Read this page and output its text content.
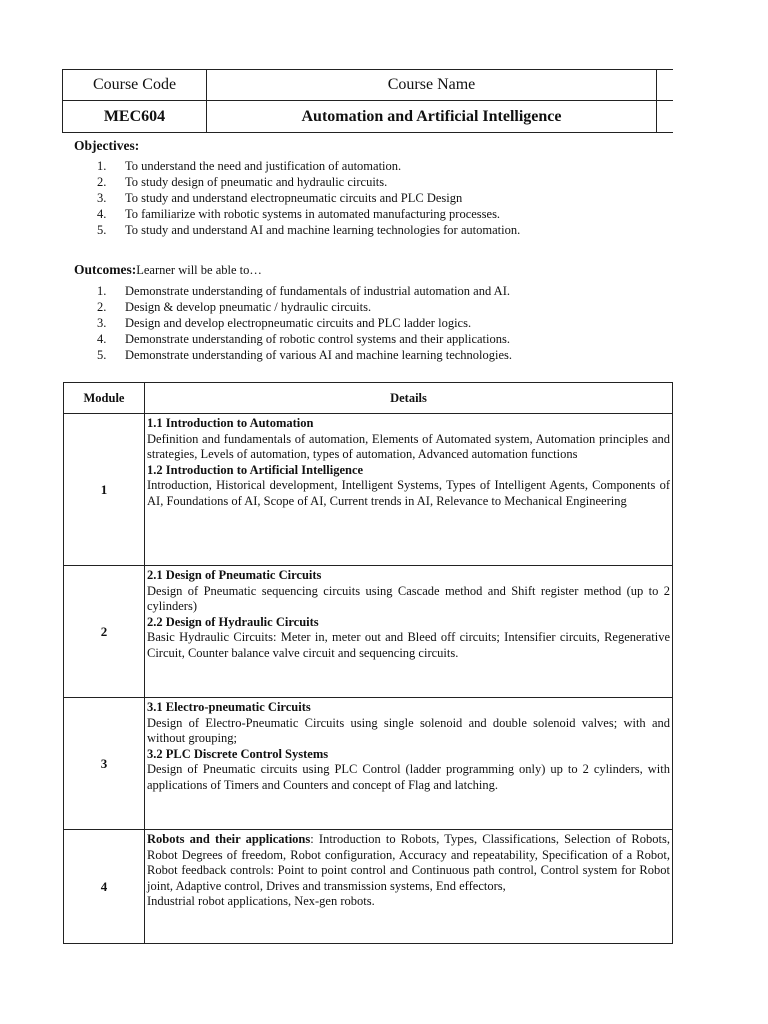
Course Code	Course Name	
MEC604	Automation and Artificial Intelligence	
Objectives:
1.	To understand the need and justification of automation.
2.	To study design of pneumatic and hydraulic circuits.
3.	To study and understand electropneumatic circuits and PLC Design
4.	To familiarize with robotic systems in automated manufacturing processes.
5.	To study and understand AI and machine learning technologies for automation.
Outcomes:Learner will be able to…
1.	Demonstrate understanding of fundamentals of industrial automation and AI.
2.	Design & develop pneumatic / hydraulic circuits.
3.	Design and develop electropneumatic circuits and PLC ladder logics.
4.	Demonstrate understanding of robotic control systems and their applications.
5.	Demonstrate understanding of various AI and machine learning technologies.
Module	Details
1	1.1 Introduction to Automation

Definition and fundamentals of automation, Elements of Automated system, Automation principles and strategies, Levels of automation, types of automation, Advanced automation functions

1.2 Introduction to Artificial Intelligence

Introduction, Historical development, Intelligent Systems, Types of Intelligent Agents, Components of AI, Foundations of AI, Scope of AI, Current trends in AI, Relevance to Mechanical Engineering

2	2.1 Design of Pneumatic Circuits

Design of Pneumatic sequencing circuits using Cascade method and Shift register method (up to 2 cylinders)

2.2 Design of Hydraulic Circuits

Basic Hydraulic Circuits: Meter in, meter out and Bleed off circuits; Intensifier circuits, Regenerative Circuit, Counter balance valve circuit and sequencing circuits.

3	3.1 Electro-pneumatic Circuits

Design of Electro-Pneumatic Circuits using single solenoid and double solenoid valves; with and without grouping;

3.2 PLC Discrete Control Systems

Design of Pneumatic circuits using PLC Control (ladder programming only) up to 2 cylinders, with applications of Timers and Counters and concept of Flag and latching.

4	Robots and their applications: Introduction to Robots, Types, Classifications, Selection of Robots, Robot Degrees of freedom, Robot configuration, Accuracy and repeatability, Specification of a Robot, Robot feedback controls: Point to point control and Continuous path control, Control system for Robot joint, Adaptive control, Drives and transmission systems, End effectors,

Industrial robot applications, Nex-gen robots.
